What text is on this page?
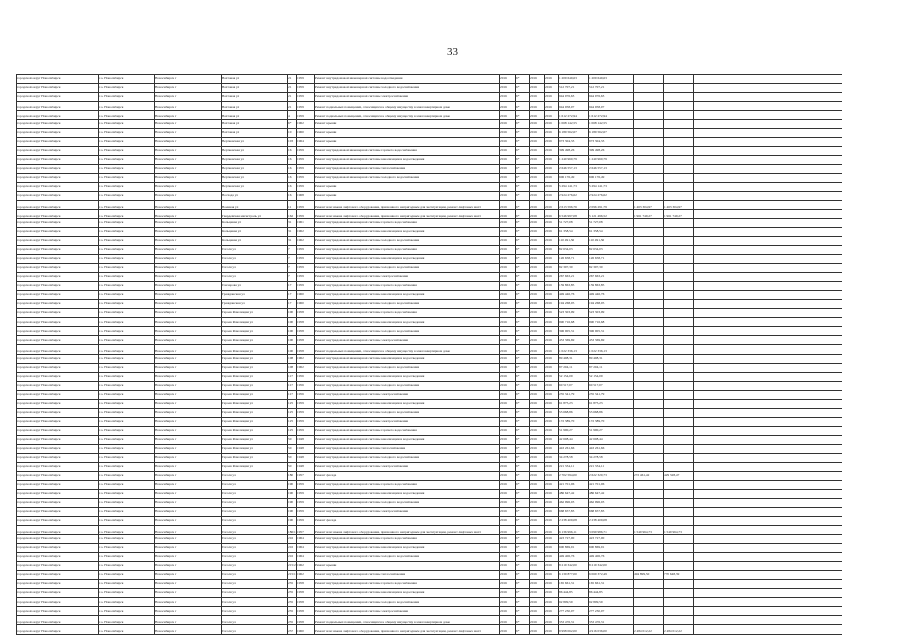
33
городской округ Новосибирск	г.о. Новосибирск	Новосибирск г	Вахтовая ул	21	1959	Ремонт внутридомовой инженерной системы водоотведения	2016	6*	2016	2016	1 209 649,63	1 209 649,63
городской округ Новосибирск	г.о. Новосибирск	Новосибирск г	Вахтовая ул	21	1959	Ремонт внутридомовой инженерной системы холодного водоснабжения	2016	6*	2016	2016	512 707,21	512 707,21
городской округ Новосибирск	г.о. Новосибирск	Новосибирск г	Вахтовая ул	21	1959	Ремонт внутридомовой инженерной системы электроснабжения	2016	6*	2016	2016	944 976,63	944 976,63
городской округ Новосибирск	г.о. Новосибирск	Новосибирск г	Вахтовая ул	21	1959	Ремонт подвальных помещений, относящихся к общему имуществу в многоквартирном доме	2016	6*	2016	2016	944 958,07	944 958,07
городской округ Новосибирск	г.о. Новосибирск	Новосибирск г	Вахтовая ул	4	1959	Ремонт подвальных помещений, относящихся к общему имуществу в многоквартирном доме	2016	6*	2016	2016	1 612 272,94	1 612 272,94
городской округ Новосибирск	г.о. Новосибирск	Новосибирск г	Вахтовая ул	6*	1962	Ремонт крыши	2016	6*	2016	2016	1 068 142,55	1 068 142,55
городской округ Новосибирск	г.о. Новосибирск	Новосибирск г	Вахтовая ул	10	1960	Ремонт крыши	2016	6*	2016	2016	6 189 562,67	6 189 562,67
городской округ Новосибирск	г.о. Новосибирск	Новосибирск г	Вертковская ул	103	1964	Ремонт крыши	2016	6*	2016	2016	973 304,33	973 304,33
городской округ Новосибирск	г.о. Новосибирск	Новосибирск г	Вертковская ул	16	1959	Ремонт внутридомовой инженерной системы горячего водоснабжения	2016	6*	2016	2016	399 498,26	399 498,26
городской округ Новосибирск	г.о. Новосибирск	Новосибирск г	Вертковская ул	16	1959	Ремонт внутридомовой инженерной системы канализации и водоотведения	2016	6*	2016	2016	1 240 960,79	1 240 960,79
городской округ Новосибирск	г.о. Новосибирск	Новосибирск г	Вертковская ул	16	1959	Ремонт внутридомовой инженерной системы теплоснабжения	2016	6*	2016	2016	2 646 557,13	2 646 557,13
городской округ Новосибирск	г.о. Новосибирск	Новосибирск г	Вертковская ул	16	1959	Ремонт внутридомовой инженерной системы холодного водоснабжения	2016	6*	2016	2016	606 176,49	606 176,49
городской округ Новосибирск	г.о. Новосибирск	Новосибирск г	Вертковская ул	16	1959	Ремонт крыши	2016	6*	2016	2016	5 294 141,73	5 294 141,73
городской округ Новосибирск	г.о. Новосибирск	Новосибирск г	Восхода ул	16	1968	Ремонт крыши	2016	6*	2016	2016	2 924 276,62	2 924 276,62
городской округ Новосибирск	г.о. Новосибирск	Новосибирск г	Военная ул	11	1959	Ремонт или замена лифтового оборудования, признанного непригодным для эксплуатации, ремонт лифтовых шахт	2016	6*	2016	2016	2 613 596,76	2 096 291,79	1 463 304,97	1 463 304,97
городской округ Новосибирск	г.о. Новосибирск	Новосибирск г	Гвардейская магистраль ул	162	1959	Ремонт или замена лифтового оборудования, признанного непригодным для эксплуатации, ремонт лифтовых шахт	2016	6*	2016	2016	6 546 997,08	5 121 496,52	1 961 749,27	1 961 749,27
городской округ Новосибирск	г.о. Новосибирск	Новосибирск г	Кольцевая ул	31	1961	Ремонт внутридомовой инженерной системы горячего водоснабжения	2016	6*	2016	2016	51 727,08	51 727,08
городской округ Новосибирск	г.о. Новосибирск	Новосибирск г	Кольцевая ул	31	1962	Ремонт внутридомовой инженерной системы канализации и водоотведения	2016	6*	2016	2016	61 358,54	61 358,54
городской округ Новосибирск	г.о. Новосибирск	Новосибирск г	Кольцевая ул	31	1962	Ремонт внутридомовой инженерной системы холодного водоснабжения	2016	6*	2016	2016	110 491,36	110 491,36
городской округ Новосибирск	г.о. Новосибирск	Новосибирск г	Гоголя ул	7	1959	Ремонт внутридомовой инженерной системы горячего водоснабжения	2016	6*	2016	2016	82 634,03	82 634,03
городской округ Новосибирск	г.о. Новосибирск	Новосибирск г	Гоголя ул	7	1959	Ремонт внутридомовой инженерной системы канализации и водоотведения	2016	6*	2016	2016	126 658,71	126 658,71
городской округ Новосибирск	г.о. Новосибирск	Новосибирск г	Гоголя ул	7	1959	Ремонт внутридомовой инженерной системы холодного водоснабжения	2016	6*	2016	2016	82 397,30	82 397,30
городской округ Новосибирск	г.о. Новосибирск	Новосибирск г	Гоголя ул	7	1959	Ремонт внутридомовой инженерной системы электроснабжения	2016	6*	2016	2016	267 663,21	267 663,21
городской округ Новосибирск	г.о. Новосибирск	Новосибирск г	Гончарова ул	17	1959	Ремонт внутридомовой инженерной системы горячего водоснабжения	2016	6*	2016	2016	159 863,85	159 863,85
городской округ Новосибирск	г.о. Новосибирск	Новосибирск г	Гражданская ул	17	1960	Ремонт внутридомовой инженерной системы канализации и водоотведения	2016	6*	2016	2016	449 446,76	449 446,76
городской округ Новосибирск	г.о. Новосибирск	Новосибирск г	Гражданская ул	17	1960	Ремонт внутридомовой инженерной системы холодного водоснабжения	2016	6*	2016	2016	194 268,05	194 268,05
городской округ Новосибирск	г.о. Новосибирск	Новосибирск г	Героев Революции ул	100	1958	Ремонт внутридомовой инженерной системы горячего водоснабжения	2016	6*	2016	2016	523 303,99	523 303,99
городской округ Новосибирск	г.о. Новосибирск	Новосибирск г	Героев Революции ул	100	1958	Ремонт внутридомовой инженерной системы канализации и водоотведения	2016	6*	2016	2016	990 716,68	990 716,68
городской округ Новосибирск	г.о. Новосибирск	Новосибирск г	Героев Революции ул	100	1958	Ремонт внутридомовой инженерной системы холодного водоснабжения	2016	6*	2016	2016	396 905,31	396 905,31
городской округ Новосибирск	г.о. Новосибирск	Новосибирск г	Героев Революции ул	100	1958	Ремонт внутридомовой инженерной системы электроснабжения	2016	6*	2016	2016	453 369,69	453 369,69
городской округ Новосибирск	г.о. Новосибирск	Новосибирск г	Героев Революции ул	100	1958	Ремонт подвальных помещений, относящихся к общему имуществу в многоквартирном доме	2016	6*	2016	2016	1 022 336,13	1 022 336,13
городской округ Новосибирск	г.о. Новосибирск	Новосибирск г	Героев Революции ул	108	1962	Ремонт внутридомовой инженерной системы канализации и водоотведения	2016	6*	2016	2016	89 498,31	89 498,31
городской округ Новосибирск	г.о. Новосибирск	Новосибирск г	Героев Революции ул	108	1962	Ремонт внутридомовой инженерной системы холодного водоснабжения	2016	6*	2016	2016	87 204,11	87 204,11
городской округ Новосибирск	г.о. Новосибирск	Новосибирск г	Героев Революции ул	117	1956	Ремонт внутридомовой инженерной системы канализации и водоотведения	2016	6*	2016	2016	52 154,09	52 154,09
городской округ Новосибирск	г.о. Новосибирск	Новосибирск г	Героев Революции ул	117	1956	Ремонт внутридомовой инженерной системы холодного водоснабжения	2016	6*	2016	2016	60 517,07	60 517,07
городской округ Новосибирск	г.о. Новосибирск	Новосибирск г	Героев Революции ул	117	1956	Ремонт внутридомовой инженерной системы электроснабжения	2016	6*	2016	2016	235 341,79	235 341,79
городской округ Новосибирск	г.о. Новосибирск	Новосибирск г	Героев Революции ул	125	1959	Ремонт внутридомовой инженерной системы канализации и водоотведения	2016	6*	2016	2016	61 875,23	61 875,23
городской округ Новосибирск	г.о. Новосибирск	Новосибирск г	Героев Революции ул	125	1959	Ремонт внутридомовой инженерной системы холодного водоснабжения	2016	6*	2016	2016	53 668,86	53 668,86
городской округ Новосибирск	г.о. Новосибирск	Новосибирск г	Героев Революции ул	125	1959	Ремонт внутридомовой инженерной системы электроснабжения	2016	6*	2016	2016	172 389,70	172 389,70
городской округ Новосибирск	г.о. Новосибирск	Новосибирск г	Героев Революции ул	125	1959	Ремонт внутридомовой инженерной системы горячего водоснабжения	2016	6*	2016	2016	51 990,27	51 990,27
городской округ Новосибирск	г.о. Новосибирск	Новосибирск г	Героев Революции ул	50	1948	Ремонт внутридомовой инженерной системы канализации и водоотведения	2016	6*	2016	2016	42 608,44	42 608,44
городской округ Новосибирск	г.о. Новосибирск	Новосибирск г	Героев Революции ул	50	1948	Ремонт внутридомовой инженерной системы теплоснабжения	2016	6*	2016	2016	443 261,66	443 261,66
городской округ Новосибирск	г.о. Новосибирск	Новосибирск г	Героев Революции ул	50	1948	Ремонт внутридомовой инженерной системы холодного водоснабжения	2016	6*	2016	2016	34 278,58	34 278,58
городской округ Новосибирск	г.о. Новосибирск	Новосибирск г	Героев Революции ул	50	1948	Ремонт внутридомовой инженерной системы электроснабжения	2016	6*	2016	2016	221 334,11	221 334,11
городской округ Новосибирск	г.о. Новосибирск	Новосибирск г	Гоголя ул	180	1957	Ремонт фасада	2016	6*	2016	2016	2 702 594,00	2 622 320,73	272 461,42	429 328,47
городской округ Новосибирск	г.о. Новосибирск	Новосибирск г	Гоголя ул	190	1959	Ремонт внутридомовой инженерной системы горячего водоснабжения	2016	6*	2016	2016	421 701,06	421 701,06
городской округ Новосибирск	г.о. Новосибирск	Новосибирск г	Гоголя ул	190	1959	Ремонт внутридомовой инженерной системы канализации и водоотведения	2016	6*	2016	2016	486 647,42	486 647,42
городской округ Новосибирск	г.о. Новосибирск	Новосибирск г	Гоголя ул	190	1959	Ремонт внутридомовой инженерной системы холодного водоснабжения	2016	6*	2016	2016	462 996,03	462 996,03
городской округ Новосибирск	г.о. Новосибирск	Новосибирск г	Гоголя ул	190	1959	Ремонт внутридомовой инженерной системы электроснабжения	2016	6*	2016	2016	668 657,83	668 657,83
городской округ Новосибирск	г.о. Новосибирск	Новосибирск г	Гоголя ул	190	1959	Ремонт фасада	2016	6*	2016	2016	2 238 409,08	2 238 409,08
городской округ Новосибирск	г.о. Новосибирск	Новосибирск г	Гоголя ул	186/1 1957	Ремонт или замена лифтового оборудования, признанного непригодным для эксплуатации, ремонт лифтовых шахт	2016	6*	2016	2016	6 136 996,11	3 099 986,71	1 549 964,73	1 549 964,73
городской округ Новосибирск	г.о. Новосибирск	Новосибирск г	Гоголя ул	216	1964	Ремонт внутридомовой инженерной системы горячего водоснабжения	2016	6*	2016	2016	423 727,00	423 727,00
городской округ Новосибирск	г.о. Новосибирск	Новосибирск г	Гоголя ул	216	1964	Ремонт внутридомовой инженерной системы канализации и водоотведения	2016	6*	2016	2016	600 869,91	600 869,91
городской округ Новосибирск	г.о. Новосибирск	Новосибирск г	Гоголя ул	216	1964	Ремонт внутридомовой инженерной системы холодного водоснабжения	2016	6*	2016	2016	449 406,76	449 406,76
городской округ Новосибирск	г.о. Новосибирск	Новосибирск г	Гоголя ул	215/2 1962	Ремонт крыши	2016	6*	2016	2016	8 219 342,00	8 219 342,00
городской округ Новосибирск	г.о. Новосибирск	Новосибирск г	Гоголя ул	215/1 1962	Ремонт внутридомовой инженерной системы теплоснабжения	2016	6*	2016	2016	6 139 877,00	6 069 372,49	494 899,50	770 648,39
городской округ Новосибирск	г.о. Новосибирск	Новосибирск г	Гоголя ул	235	1958	Ремонт внутридомовой инженерной системы горячего водоснабжения	2016	6*	2016	2016	165 661,31	165 661,31
городской округ Новосибирск	г.о. Новосибирск	Новосибирск г	Гоголя ул	235	1958	Ремонт внутридомовой инженерной системы канализации и водоотведения	2016	6*	2016	2016	86 444,85	86 444,85
городской округ Новосибирск	г.о. Новосибирск	Новосибирск г	Гоголя ул	235	1958	Ремонт внутридомовой инженерной системы холодного водоснабжения	2016	6*	2016	2016	92 809,59	92 809,59
городской округ Новосибирск	г.о. Новосибирск	Новосибирск г	Гоголя ул	235	1958	Ремонт внутридомовой инженерной системы электроснабжения	2016	6*	2016	2016	277 230,07	277 230,07
городской округ Новосибирск	г.о. Новосибирск	Новосибирск г	Гоголя ул	235	1958	Ремонт подвальных помещений, относящихся к общему имуществу в многоквартирном доме	2016	6*	2016	2016	353 476,31	353 476,31
городской округ Новосибирск	г.о. Новосибирск	Новосибирск г	Гоголя ул	237	1960	Ремонт или замена лифтового оборудования, признанного непригодным для эксплуатации, ремонт лифтовых шахт	2016	6*	2016	2016	9 998 062,00	4 916 036,00	2 484 012,22	2 484 012,22
